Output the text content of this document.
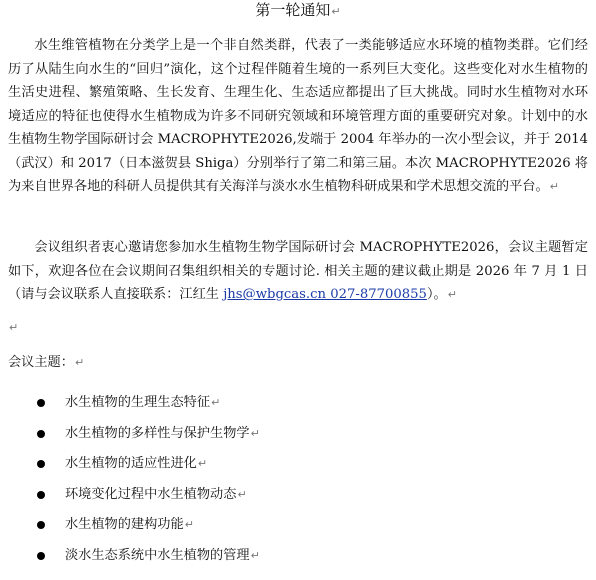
第一轮通知↵

水生维管植物在分类学上是一个非自然类群，代表了一类能够适应水环境的植物类群。它们经历了从陆生向水生的“回归”演化，这个过程伴随着生境的一系列巨大变化。这些变化对水生植物的生活史进程、繁殖策略、生长发育、生理生化、生态适应都提出了巨大挑战。同时水生植物对水环境适应的特征也使得水生植物成为许多不同研究领域和环境管理方面的重要研究对象。计划中的水生植物生物学国际研讨会 MACROPHYTE2026,发端于 2004 年举办的一次小型会议，并于 2014（武汉）和 2017（日本滋贺县 Shiga）分别举行了第二和第三届。本次 MACROPHYTE2026 将为来自世界各地的科研人员提供其有关海洋与淡水水生植物科研成果和学术思想交流的平台。↵

会议组织者衷心邀请您参加水生植物生物学国际研讨会 MACROPHYTE2026，会议主题暂定如下，欢迎各位在会议期间召集组织相关的专题讨论. 相关主题的建议截止期是 2026 年 7 月 1 日（请与会议联系人直接联系：江红生 jhs@wbgcas.cn 027-87700855）。↵

↵
会议主题：↵
水生植物的生理生态特征↵
水生植物的多样性与保护生物学↵
水生植物的适应性进化↵
环境变化过程中水生植物动态↵
水生植物的建构功能↵
淡水生态系统中水生植物的管理↵
